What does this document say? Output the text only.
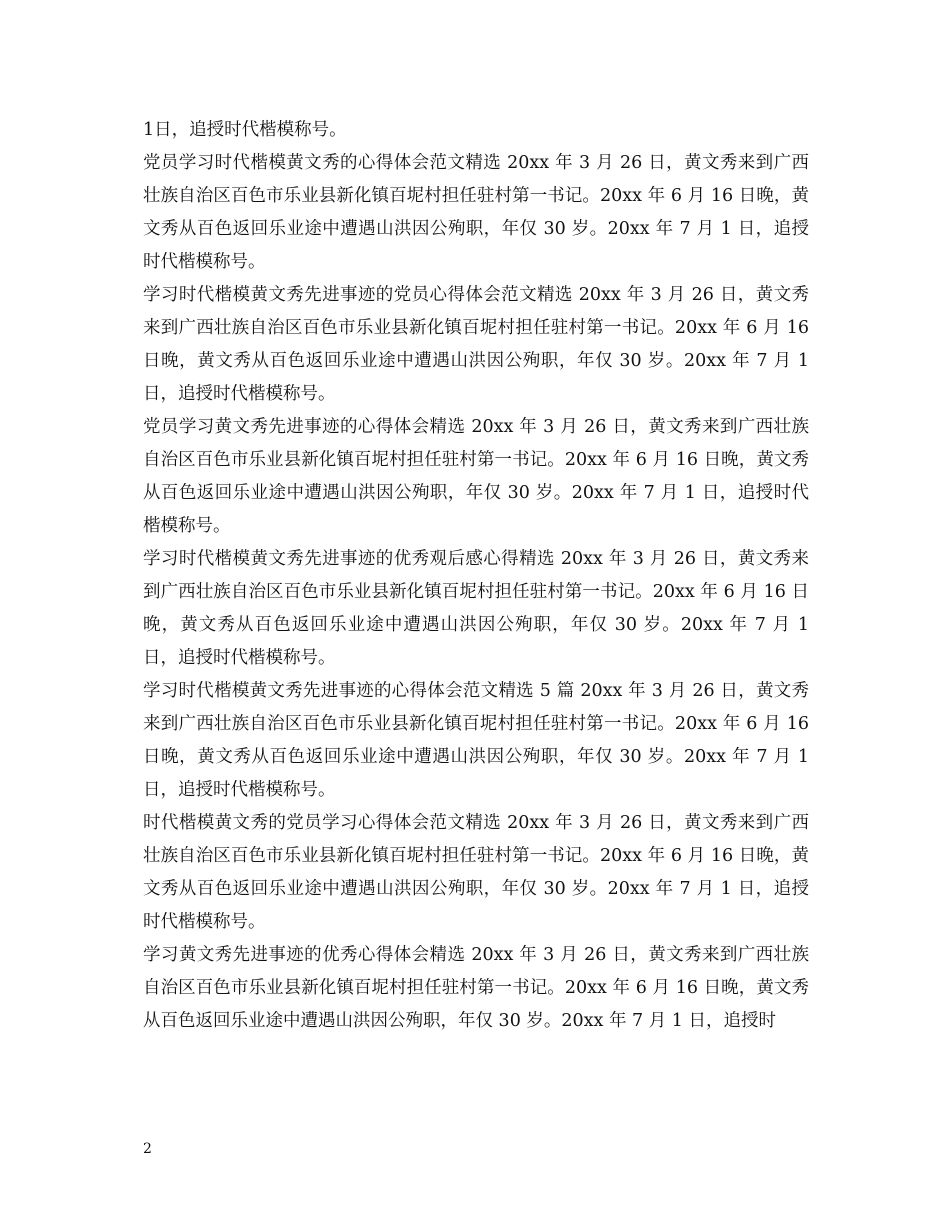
1日，追授时代楷模称号。

党员学习时代楷模黄文秀的心得体会范文精选 20xx 年 3 月 26 日，黄文秀来到广西壮族自治区百色市乐业县新化镇百坭村担任驻村第一书记。20xx 年 6 月 16 日晚，黄文秀从百色返回乐业途中遭遇山洪因公殉职，年仅 30 岁。20xx 年 7 月 1 日，追授时代楷模称号。

学习时代楷模黄文秀先进事迹的党员心得体会范文精选 20xx 年 3 月 26 日，黄文秀来到广西壮族自治区百色市乐业县新化镇百坭村担任驻村第一书记。20xx 年 6 月 16 日晚，黄文秀从百色返回乐业途中遭遇山洪因公殉职，年仅 30 岁。20xx 年 7 月 1 日，追授时代楷模称号。

党员学习黄文秀先进事迹的心得体会精选 20xx 年 3 月 26 日，黄文秀来到广西壮族自治区百色市乐业县新化镇百坭村担任驻村第一书记。20xx 年 6 月 16 日晚，黄文秀从百色返回乐业途中遭遇山洪因公殉职，年仅 30 岁。20xx 年 7 月 1 日，追授时代楷模称号。

学习时代楷模黄文秀先进事迹的优秀观后感心得精选 20xx 年 3 月 26 日，黄文秀来到广西壮族自治区百色市乐业县新化镇百坭村担任驻村第一书记。20xx 年 6 月 16 日晚，黄文秀从百色返回乐业途中遭遇山洪因公殉职，年仅 30 岁。20xx 年 7 月 1 日，追授时代楷模称号。

学习时代楷模黄文秀先进事迹的心得体会范文精选 5 篇 20xx 年 3 月 26 日，黄文秀来到广西壮族自治区百色市乐业县新化镇百坭村担任驻村第一书记。20xx 年 6 月 16 日晚，黄文秀从百色返回乐业途中遭遇山洪因公殉职，年仅 30 岁。20xx 年 7 月 1 日，追授时代楷模称号。

时代楷模黄文秀的党员学习心得体会范文精选 20xx 年 3 月 26 日，黄文秀来到广西壮族自治区百色市乐业县新化镇百坭村担任驻村第一书记。20xx 年 6 月 16 日晚，黄文秀从百色返回乐业途中遭遇山洪因公殉职，年仅 30 岁。20xx 年 7 月 1 日，追授时代楷模称号。

学习黄文秀先进事迹的优秀心得体会精选 20xx 年 3 月 26 日，黄文秀来到广西壮族自治区百色市乐业县新化镇百坭村担任驻村第一书记。20xx 年 6 月 16 日晚，黄文秀从百色返回乐业途中遭遇山洪因公殉职，年仅 30 岁。20xx 年 7 月 1 日，追授时

2
